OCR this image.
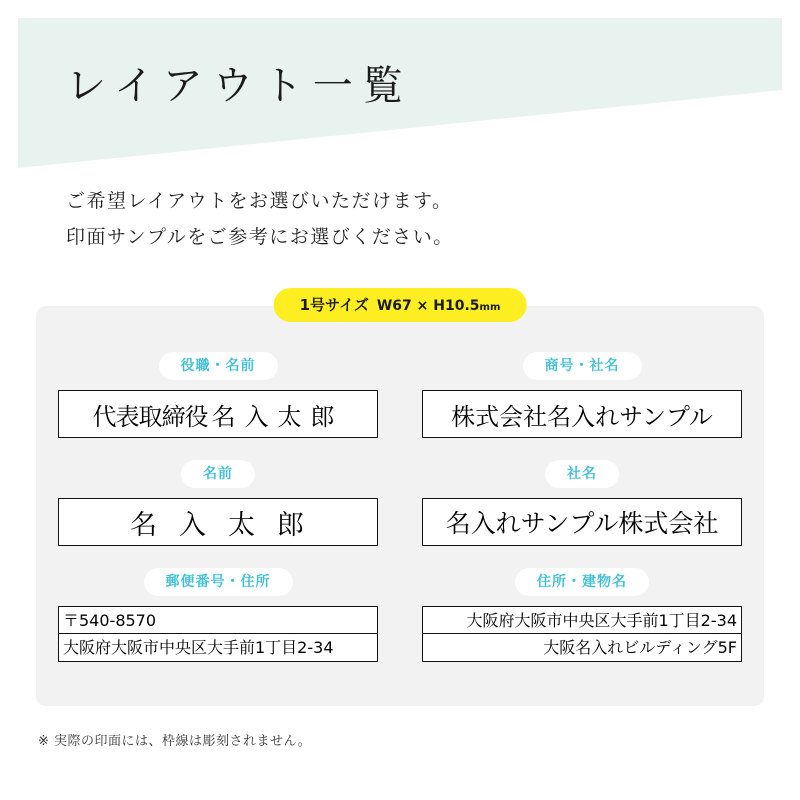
レイアウト一覧
ご希望レイアウトをお選びいただけます。
印面サンプルをご参考にお選びください。
1号サイズ W67 × H10.5mm
役職・名前
代表取締役 名入太郎
商号・社名
株式会社名入れサンプル
名前
名入太郎
社名
名入れサンプル株式会社
郵便番号・住所
〒540-8570
大阪府大阪市中央区大手前1丁目2-34
住所・建物名
大阪府大阪市中央区大手前1丁目2-34
大阪名入れビルディング5F
※ 実際の印面には、枠線は彫刻されません。
